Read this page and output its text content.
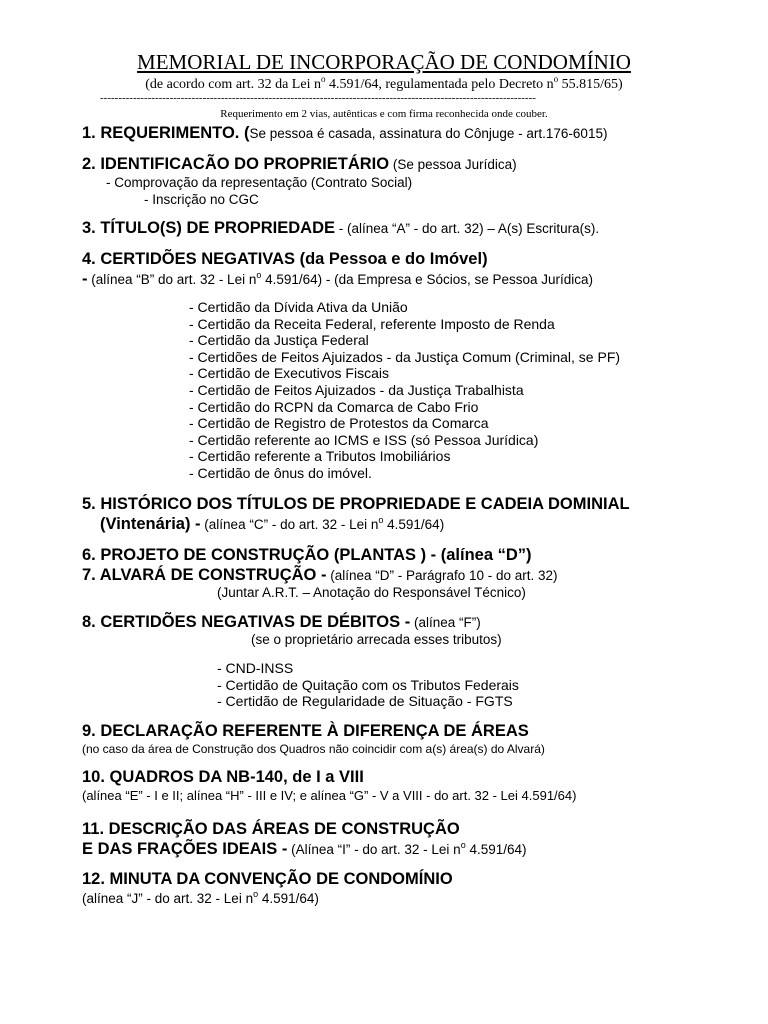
MEMORIAL DE INCORPORAÇÃO DE CONDOMÍNIO
(de acordo com art. 32 da Lei $n^o$ 4.591/64, regulamentada pelo Decreto $n^o$ 55.815/65)
-----------------------------------------------------------------------------------------------------------------------
Requerimento em 2 vias, autênticas e com firma reconhecida onde couber.
1. REQUERIMENTO. (Se pessoa é casada, assinatura do Cônjuge - art.176-6015)
2. IDENTIFICACÃO DO PROPRIETÁRIO (Se pessoa Jurídica)
- Comprovação da representação (Contrato Social)
- Inscrição no CGC
3. TÍTULO(S) DE PROPRIEDADE - (alínea “A” - do art. 32) – A(s) Escritura(s).
4. CERTIDÕES NEGATIVAS (da Pessoa e do Imóvel)
- (alínea “B” do art. 32 - Lei $n^o$ 4.591/64) - (da Empresa e Sócios, se Pessoa Jurídica)
- Certidão da Dívida Ativa da União
- Certidão da Receita Federal, referente Imposto de Renda
- Certidão da Justiça Federal
- Certidões de Feitos Ajuizados - da Justiça Comum (Criminal, se PF)
- Certidão de Executivos Fiscais
- Certidão de Feitos Ajuizados - da Justiça Trabalhista
- Certidão do RCPN da Comarca de Cabo Frio
- Certidão de Registro de Protestos da Comarca
- Certidão referente ao ICMS e ISS (só Pessoa Jurídica)
- Certidão referente a Tributos Imobiliários
- Certidão de ônus do imóvel.
5. HISTÓRICO DOS TÍTULOS DE PROPRIEDADE E CADEIA DOMINIAL
(Vintenária) - (alínea “C” - do art. 32 - Lei $n^o$ 4.591/64)
6. PROJETO DE CONSTRUÇÃO (PLANTAS ) - (alínea “D”)
7. ALVARÁ DE CONSTRUÇÃO - (alínea “D” - Parágrafo 10 - do art. 32)
(Juntar A.R.T. – Anotação do Responsável Técnico)
8. CERTIDÕES NEGATIVAS DE DÉBITOS - (alínea “F”)
(se o proprietário arrecada esses tributos)
- CND-INSS
- Certidão de Quitação com os Tributos Federais
- Certidão de Regularidade de Situação - FGTS
9. DECLARAÇÃO REFERENTE À DIFERENÇA DE ÁREAS
(no caso da área de Construção dos Quadros não coincidir com a(s) área(s) do Alvará)
10. QUADROS DA NB-140, de I a VIII
(alínea “E” - I e II; alínea “H” - III e IV; e alínea “G” - V a VIII - do art. 32 - Lei 4.591/64)
11. DESCRIÇÃO DAS ÁREAS DE CONSTRUÇÃO
E DAS FRAÇÕES IDEAIS - (Alínea “I” - do art. 32 - Lei $n^o$ 4.591/64)
12. MINUTA DA CONVENÇÃO DE CONDOMÍNIO
(alínea “J” - do art. 32 - Lei $n^o$ 4.591/64)
